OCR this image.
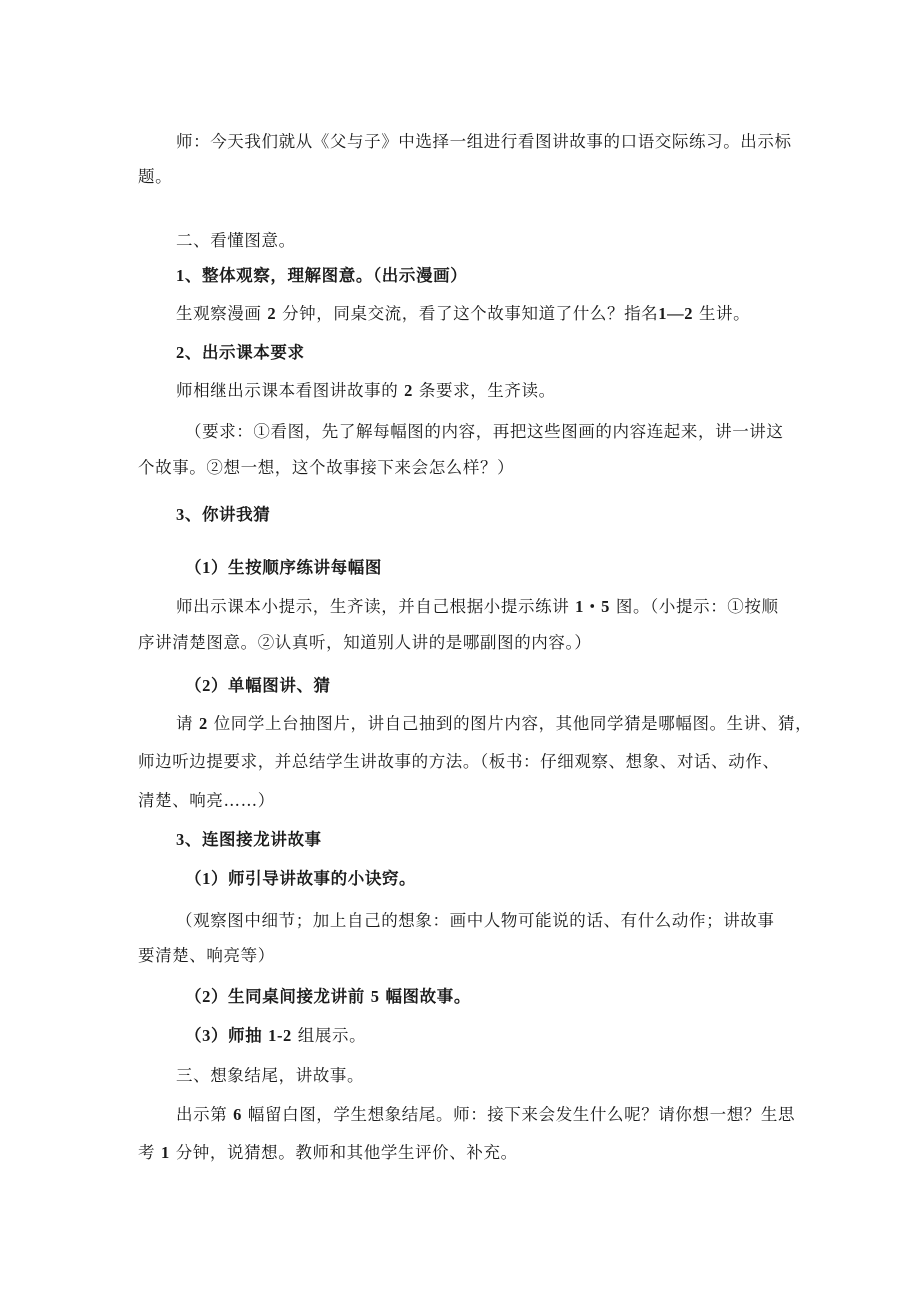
师：今天我们就从《父与子》中选择一组进行看图讲故事的口语交际练习。出示标
题。
二、看懂图意。
1、整体观察，理解图意。（出示漫画）
生观察漫画 2 分钟，同桌交流，看了这个故事知道了什么？指名1—2 生讲。
2、出示课本要求
师相继出示课本看图讲故事的 2 条要求，生齐读。
（要求：①看图，先了解每幅图的内容，再把这些图画的内容连起来，讲一讲这
个故事。②想一想，这个故事接下来会怎么样？）
3、你讲我猜
（1）生按顺序练讲每幅图
师出示课本小提示，生齐读，并自己根据小提示练讲 1・5 图。（小提示：①按顺
序讲清楚图意。②认真听，知道别人讲的是哪副图的内容。）
（2）单幅图讲、猜
请 2 位同学上台抽图片，讲自己抽到的图片内容，其他同学猜是哪幅图。生讲、猜，
师边听边提要求，并总结学生讲故事的方法。（板书：仔细观察、想象、对话、动作、
清楚、响亮……）
3、连图接龙讲故事
（1）师引导讲故事的小诀窍。
（观察图中细节；加上自己的想象：画中人物可能说的话、有什么动作；讲故事
要清楚、响亮等）
（2）生同桌间接龙讲前 5 幅图故事。
（3）师抽 1-2 组展示。
三、想象结尾，讲故事。
出示第 6 幅留白图，学生想象结尾。师：接下来会发生什么呢？请你想一想？生思
考 1 分钟，说猜想。教师和其他学生评价、补充。
